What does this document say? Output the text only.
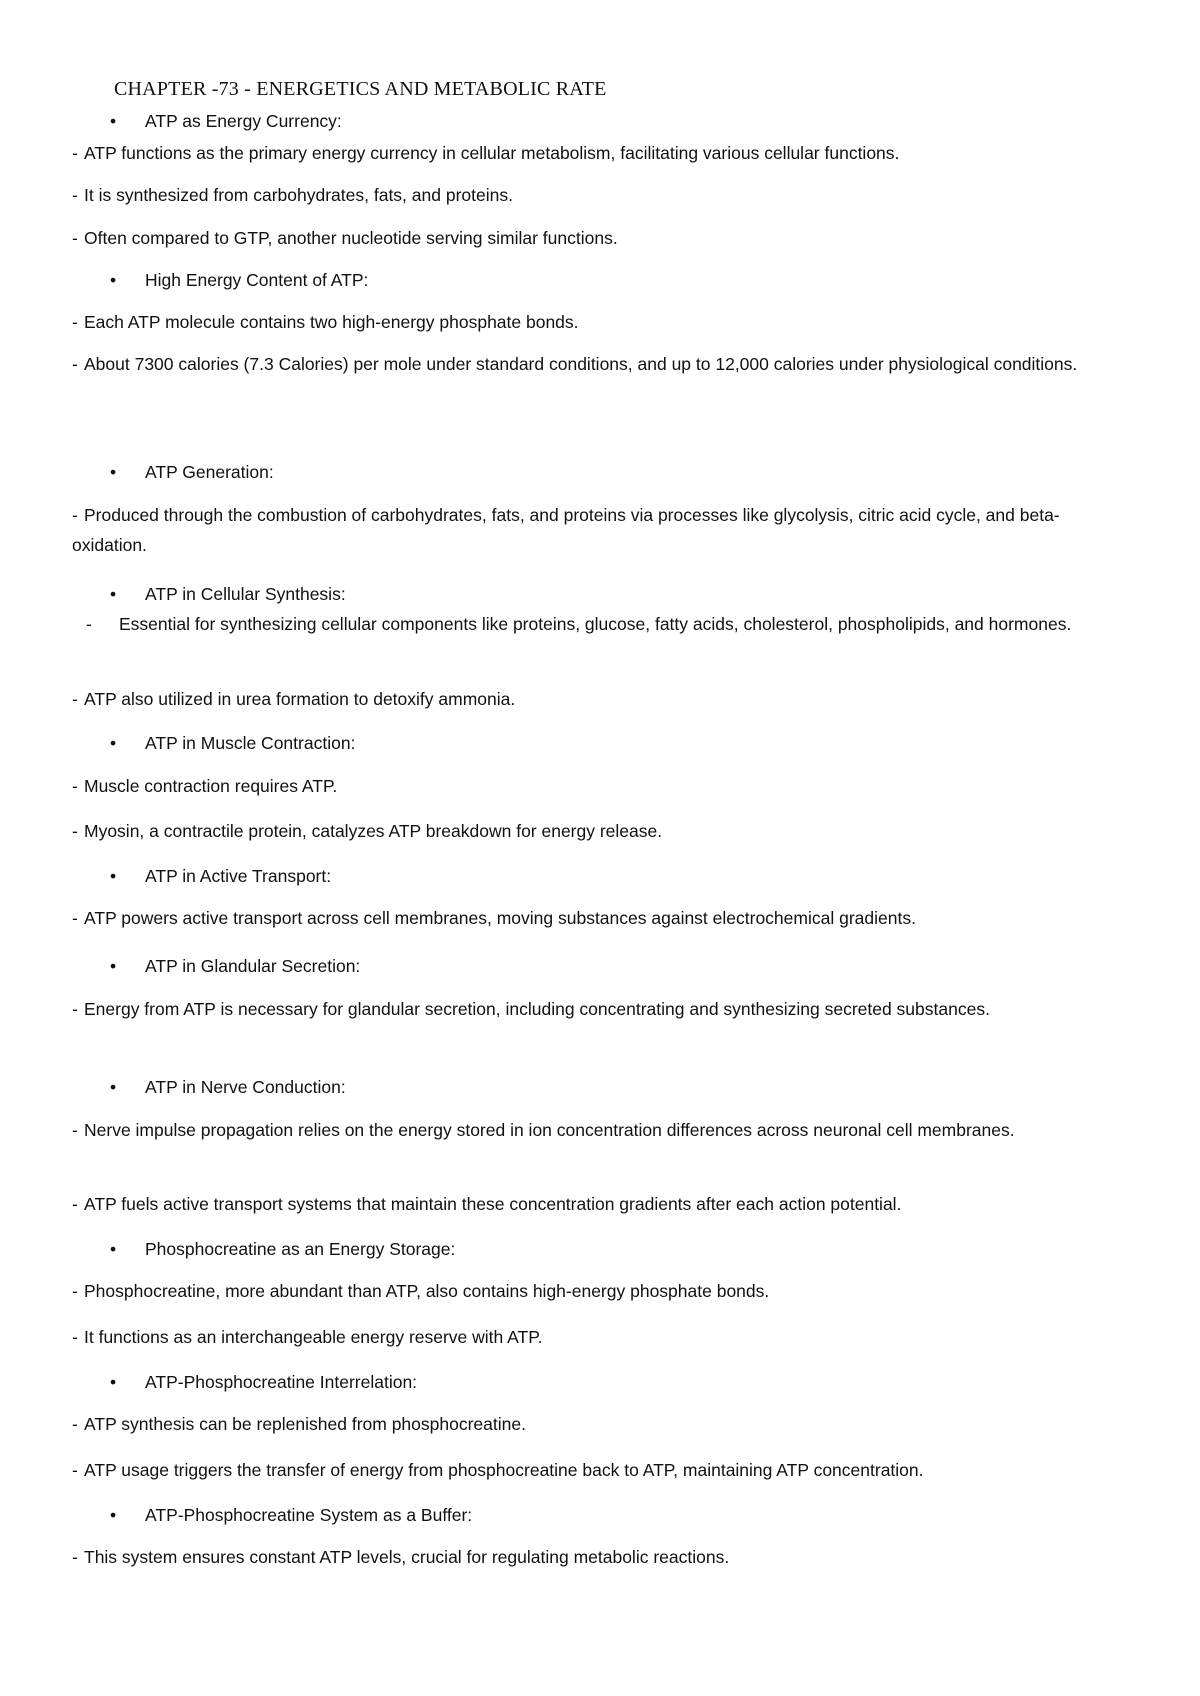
CHAPTER -73 - ENERGETICS AND METABOLIC RATE
•	ATP as Energy Currency:
- ATP functions as the primary energy currency in cellular metabolism, facilitating various cellular functions.
- It is synthesized from carbohydrates, fats, and proteins.
- Often compared to GTP, another nucleotide serving similar functions.
•	High Energy Content of ATP:
- Each ATP molecule contains two high-energy phosphate bonds.
- About 7300 calories (7.3 Calories) per mole under standard conditions, and up to 12,000 calories under physiological conditions.
•	ATP Generation:
- Produced through the combustion of carbohydrates, fats, and proteins via processes like glycolysis, citric acid cycle, and beta-oxidation.
•	ATP in Cellular Synthesis:
- Essential for synthesizing cellular components like proteins, glucose, fatty acids, cholesterol, phospholipids, and hormones.
- ATP also utilized in urea formation to detoxify ammonia.
•	ATP in Muscle Contraction:
- Muscle contraction requires ATP.
- Myosin, a contractile protein, catalyzes ATP breakdown for energy release.
•	ATP in Active Transport:
- ATP powers active transport across cell membranes, moving substances against electrochemical gradients.
•	ATP in Glandular Secretion:
- Energy from ATP is necessary for glandular secretion, including concentrating and synthesizing secreted substances.
•	ATP in Nerve Conduction:
- Nerve impulse propagation relies on the energy stored in ion concentration differences across neuronal cell membranes.
- ATP fuels active transport systems that maintain these concentration gradients after each action potential.
•	Phosphocreatine as an Energy Storage:
- Phosphocreatine, more abundant than ATP, also contains high-energy phosphate bonds.
- It functions as an interchangeable energy reserve with ATP.
•	ATP-Phosphocreatine Interrelation:
- ATP synthesis can be replenished from phosphocreatine.
- ATP usage triggers the transfer of energy from phosphocreatine back to ATP, maintaining ATP concentration.
•	ATP-Phosphocreatine System as a Buffer:
- This system ensures constant ATP levels, crucial for regulating metabolic reactions.
